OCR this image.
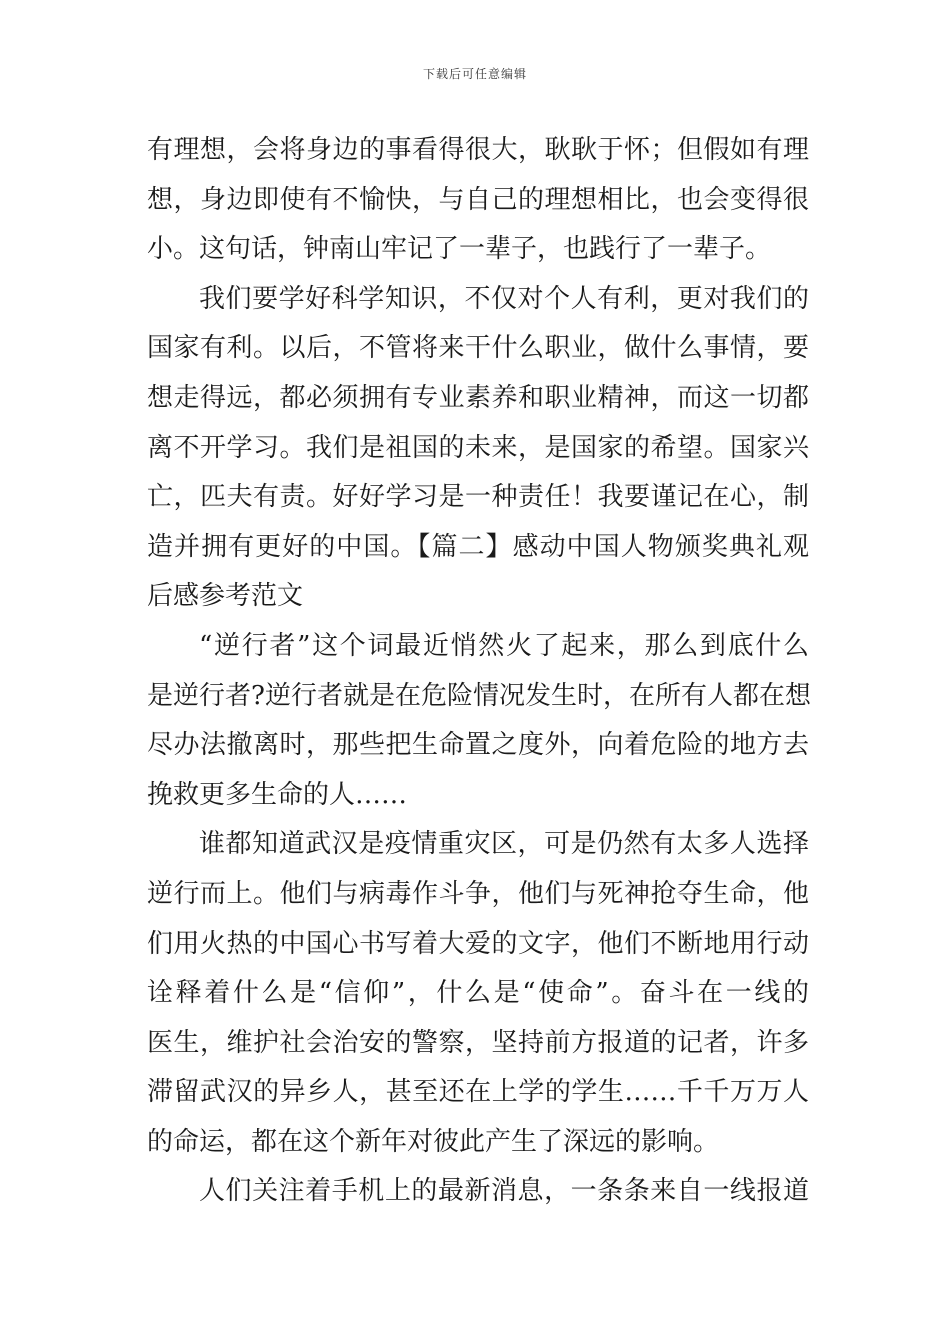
下载后可任意编辑
有理想，会将身边的事看得很大，耿耿于怀；但假如有理
想，身边即使有不愉快，与自己的理想相比，也会变得很
小。这句话，钟南山牢记了一辈子，也践行了一辈子。
我们要学好科学知识，不仅对个人有利，更对我们的
国家有利。以后，不管将来干什么职业，做什么事情，要
想走得远，都必须拥有专业素养和职业精神，而这一切都
离不开学习。我们是祖国的未来，是国家的希望。国家兴
亡，匹夫有责。好好学习是一种责任！我要谨记在心，制
造并拥有更好的中国。【篇二】感动中国人物颁奖典礼观
后感参考范文
“逆行者”这个词最近悄然火了起来，那么到底什么
是逆行者?逆行者就是在危险情况发生时，在所有人都在想
尽办法撤离时，那些把生命置之度外，向着危险的地方去
挽救更多生命的人……
谁都知道武汉是疫情重灾区，可是仍然有太多人选择
逆行而上。他们与病毒作斗争，他们与死神抢夺生命，他
们用火热的中国心书写着大爱的文字，他们不断地用行动
诠释着什么是“信仰”，什么是“使命”。奋斗在一线的
医生，维护社会治安的警察，坚持前方报道的记者，许多
滞留武汉的异乡人，甚至还在上学的学生……千千万万人
的命运，都在这个新年对彼此产生了深远的影响。
人们关注着手机上的最新消息，一条条来自一线报道
